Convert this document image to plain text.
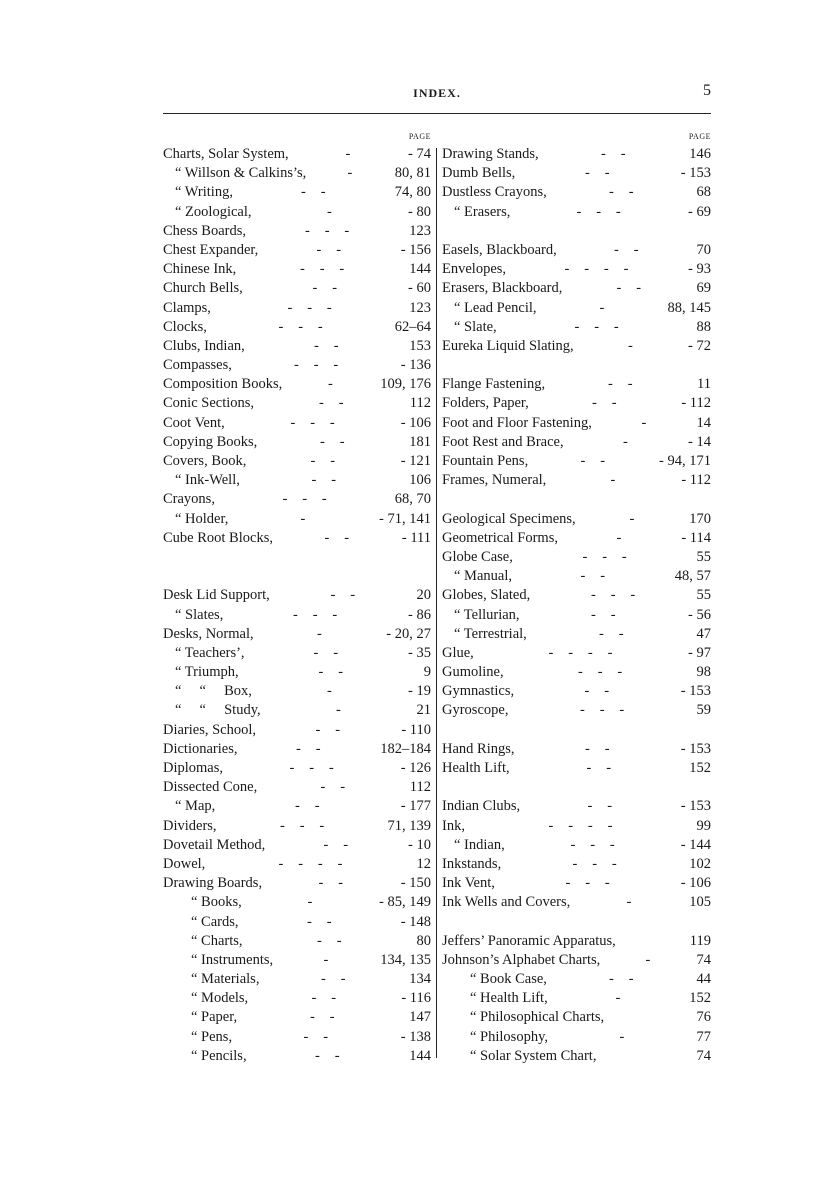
INDEX.	5
PAGE
Charts, Solar System,	- 74
-
“ Willson & Calkins’s,	80, 81
-
“ Writing,	74, 80
-   -
“ Zoological,	- 80
-
Chess Boards,	123
-   -   -
Chest Expander,	- 156
-   -
Chinese Ink,	144
-   -   -
Church Bells,	- 60
-   -
Clamps,	123
-   -   -
Clocks,	62–64
-   -   -
Clubs, Indian,	153
-   -
Compasses,	- 136
-   -   -
Composition Books,	109, 176
-
Conic Sections,	112
-   -
Coot Vent,	- 106
-   -   -
Copying Books,	181
-   -
Covers, Book,	- 121
-   -
“ Ink-Well,	106
-   -
Crayons,	68, 70
-   -   -
“ Holder,	- 71, 141
-
Cube Root Blocks,	- 111
-   -
Desk Lid Support,	20
-   -
“ Slates,	- 86
-   -   -
Desks, Normal,	- 20, 27
-
“ Teachers’,	- 35
-   -
“ Triumph,	9
-   -
“     “     Box,	- 19
-
“     “     Study,	21
-
Diaries, School,	- 110
-   -
Dictionaries,	182–184
-   -
Diplomas,	- 126
-   -   -
Dissected Cone,	112
-   -
“ Map,	- 177
-   -
Dividers,	71, 139
-   -   -
Dovetail Method,	- 10
-   -
Dowel,	12
-   -   -   -
Drawing Boards,	- 150
-   -
“ Books,	- 85, 149
-
“ Cards,	- 148
-   -
“ Charts,	80
-   -
“ Instruments,	134, 135
-
“ Materials,	134
-   -
“ Models,	- 116
-   -
“ Paper,	147
-   -
“ Pens,	- 138
-   -
“ Pencils,	144
-   -
PAGE
Drawing Stands,	146
-   -
Dumb Bells,	- 153
-   -
Dustless Crayons,	68
-   -
“ Erasers,	- 69
-   -   -
Easels, Blackboard,	70
-   -
Envelopes,	- 93
-   -   -   -
Erasers, Blackboard,	69
-   -
“ Lead Pencil,	88, 145
-
“ Slate,	88
-   -   -
Eureka Liquid Slating,	- 72
-
Flange Fastening,	11
-   -
Folders, Paper,	- 112
-   -
Foot and Floor Fastening,	14
-
Foot Rest and Brace,	- 14
-
Fountain Pens,	- 94, 171
-   -
Frames, Numeral,	- 112
-
Geological Specimens,	170
-
Geometrical Forms,	- 114
-
Globe Case,	55
-   -   -
“ Manual,	48, 57
-   -
Globes, Slated,	55
-   -   -
“ Tellurian,	- 56
-   -
“ Terrestrial,	47
-   -
Glue,	- 97
-   -   -   -
Gumoline,	98
-   -   -
Gymnastics,	- 153
-   -
Gyroscope,	59
-   -   -
Hand Rings,	- 153
-   -
Health Lift,	152
-   -
Indian Clubs,	- 153
-   -
Ink,	99
-   -   -   -
“ Indian,	- 144
-   -   -
Inkstands,	102
-   -   -
Ink Vent,	- 106
-   -   -
Ink Wells and Covers,	105
-
Jeffers’ Panoramic Apparatus,	119
Johnson’s Alphabet Charts,	74
-
“ Book Case,	44
-   -
“ Health Lift,	152
-
“ Philosophical Charts,	76
“ Philosophy,	77
-
“ Solar System Chart,	74
